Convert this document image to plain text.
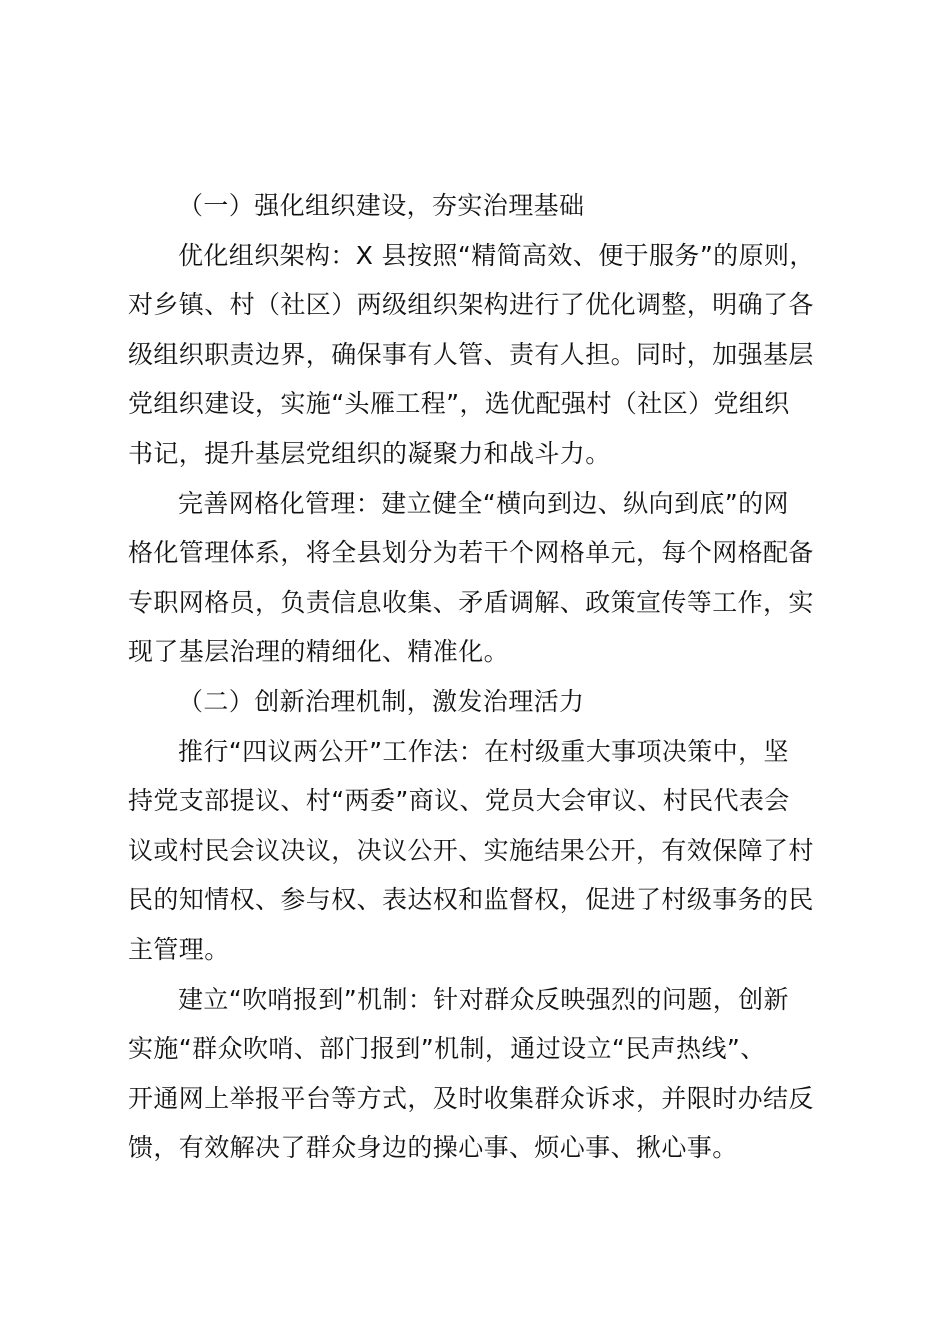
（一）强化组织建设，夯实治理基础
优化组织架构：X 县按照“精简高效、便于服务”的原则，
对乡镇、村（社区）两级组织架构进行了优化调整，明确了各
级组织职责边界，确保事有人管、责有人担。同时，加强基层
党组织建设，实施“头雁工程”，选优配强村（社区）党组织
书记，提升基层党组织的凝聚力和战斗力。
完善网格化管理：建立健全“横向到边、纵向到底”的网
格化管理体系，将全县划分为若干个网格单元，每个网格配备
专职网格员，负责信息收集、矛盾调解、政策宣传等工作，实
现了基层治理的精细化、精准化。
（二）创新治理机制，激发治理活力
推行“四议两公开”工作法：在村级重大事项决策中，坚
持党支部提议、村“两委”商议、党员大会审议、村民代表会
议或村民会议决议，决议公开、实施结果公开，有效保障了村
民的知情权、参与权、表达权和监督权，促进了村级事务的民
主管理。
建立“吹哨报到”机制：针对群众反映强烈的问题，创新
实施“群众吹哨、部门报到”机制，通过设立“民声热线”、
开通网上举报平台等方式，及时收集群众诉求，并限时办结反
馈，有效解决了群众身边的操心事、烦心事、揪心事。
